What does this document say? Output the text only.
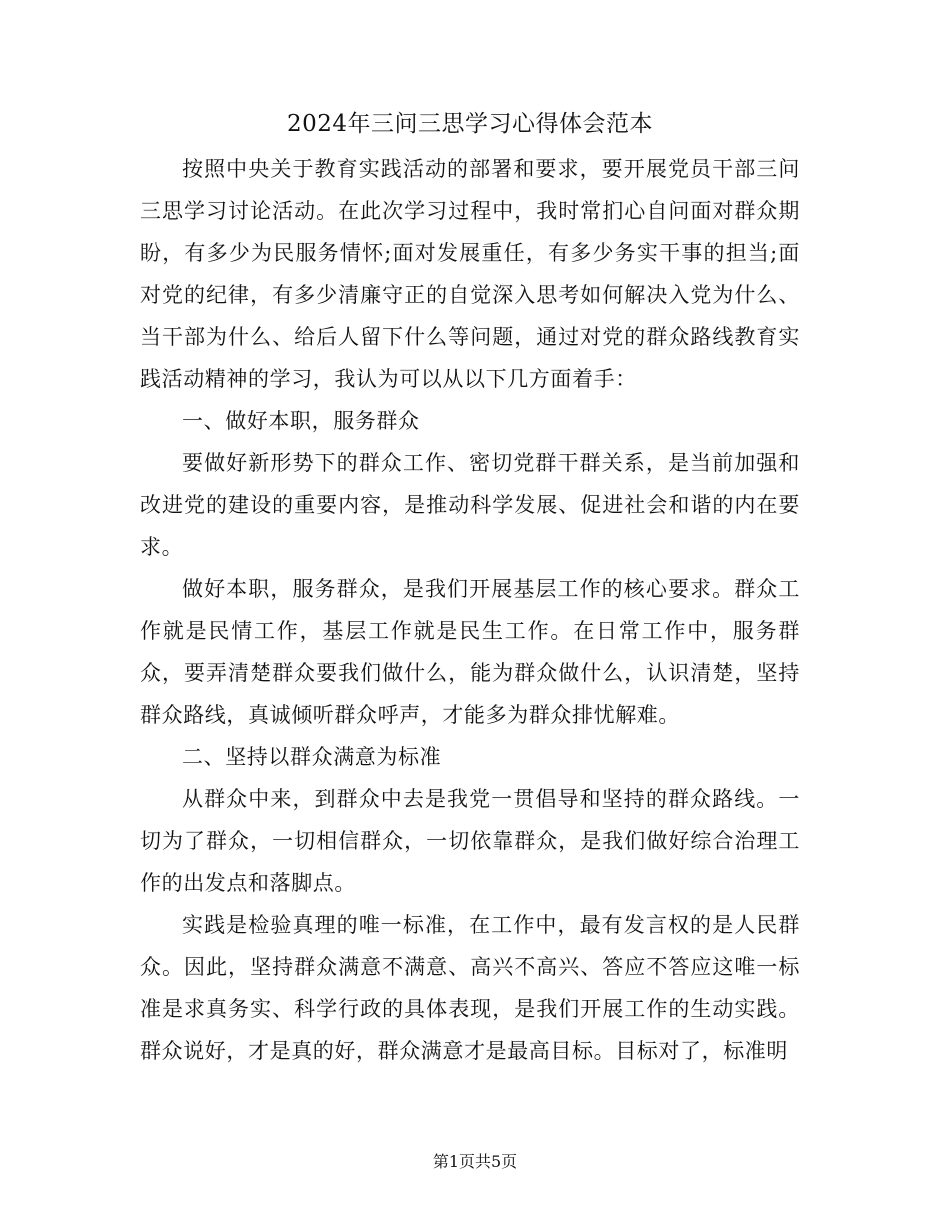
2024年三问三思学习心得体会范本

按照中央关于教育实践活动的部署和要求，要开展党员干部三问三思学习讨论活动。在此次学习过程中，我时常扪心自问面对群众期盼，有多少为民服务情怀;面对发展重任，有多少务实干事的担当;面对党的纪律，有多少清廉守正的自觉深入思考如何解决入党为什么、当干部为什么、给后人留下什么等问题，通过对党的群众路线教育实践活动精神的学习，我认为可以从以下几方面着手：

一、做好本职，服务群众

要做好新形势下的群众工作、密切党群干群关系，是当前加强和改进党的建设的重要内容，是推动科学发展、促进社会和谐的内在要求。

做好本职，服务群众，是我们开展基层工作的核心要求。群众工作就是民情工作，基层工作就是民生工作。在日常工作中，服务群众，要弄清楚群众要我们做什么，能为群众做什么，认识清楚，坚持群众路线，真诚倾听群众呼声，才能多为群众排忧解难。

二、坚持以群众满意为标准

从群众中来，到群众中去是我党一贯倡导和坚持的群众路线。一切为了群众，一切相信群众，一切依靠群众，是我们做好综合治理工作的出发点和落脚点。

实践是检验真理的唯一标准，在工作中，最有发言权的是人民群众。因此，坚持群众满意不满意、高兴不高兴、答应不答应这唯一标准是求真务实、科学行政的具体表现，是我们开展工作的生动实践。群众说好，才是真的好，群众满意才是最高目标。目标对了，标准明

第1页共5页
